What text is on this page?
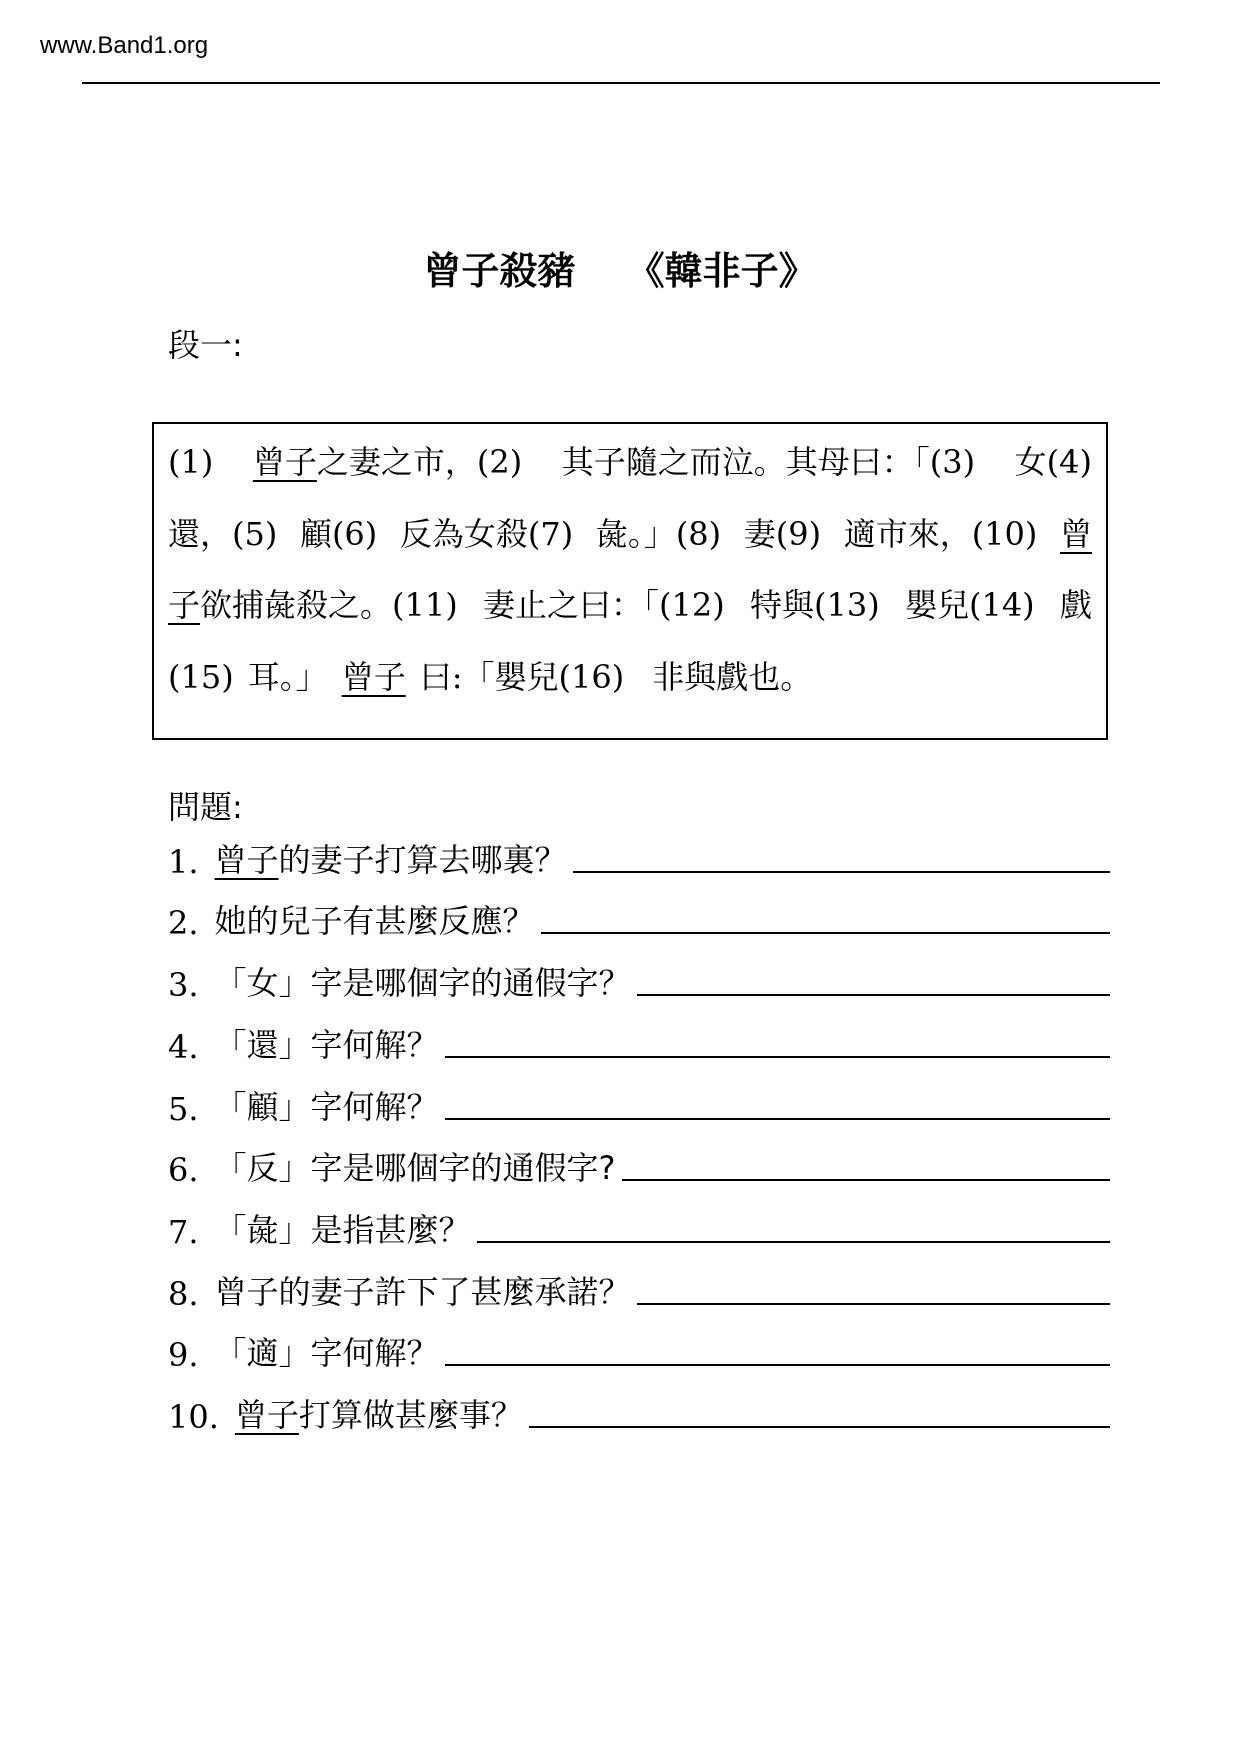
www.Band1.org
曾子殺豬　 《韓非子》
段一:
(1) 曾子之妻之市，(2) 其子隨之而泣。其母曰：「(3) 女(4)
還，(5) 顧(6) 反為女殺(7) 彘。」(8) 妻(9) 適市來，(10) 曾
子欲捕彘殺之。(11) 妻止之曰：「(12) 特與(13) 嬰兒(14) 戲
(15) 耳。」 曾子 曰:「嬰兒(16) 非與戲也。
問題:
1. 曾子的妻子打算去哪裏？
2. 她的兒子有甚麼反應？
3. 「女」字是哪個字的通假字？
4. 「還」字何解？
5. 「顧」字何解？
6. 「反」字是哪個字的通假字?
7. 「彘」是指甚麼？
8. 曾子的妻子許下了甚麼承諾？
9. 「適」字何解？
10. 曾子打算做甚麼事？
